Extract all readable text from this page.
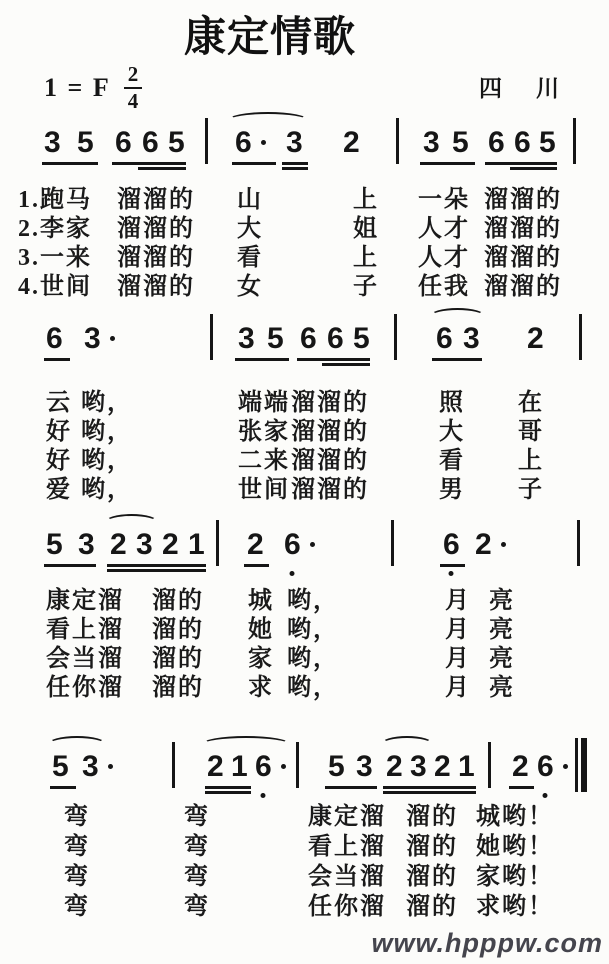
康定情歌
1 = F $\frac{2}{4}$	四川
3 5 6 6 5 6 3 2 3 5 6 6 5
6 3	3 5 6 6 5 6 3 2
5 3 2 3 2 1 2 6	6 2
5 3	2 1 6 5 3 2 3 2 1 2 6
1.跑马 溜溜的 山	上 一朵 溜溜的
2.李家 溜溜的 大	姐 人才 溜溜的
3.一来 溜溜的 看	上 人才 溜溜的
4.世间 溜溜的 女	子 任我 溜溜的
云 哟，	端端 溜溜的	照 在
好 哟，	张家 溜溜的	大 哥
好 哟，	二来 溜溜的	看 上
爱 哟，	世间 溜溜的	男 子
康定溜 溜的 城 哟，	月 亮
看上溜 溜的 她 哟，	月 亮
会当溜 溜的 家 哟，	月 亮
任你溜 溜的 求 哟，	月 亮
弯	弯	康定溜 溜的 城哟！
弯	弯	看上溜 溜的 她哟！
弯	弯	会当溜 溜的 家哟！
弯	弯	任你溜 溜的 求哟！
www.hpppw.com
